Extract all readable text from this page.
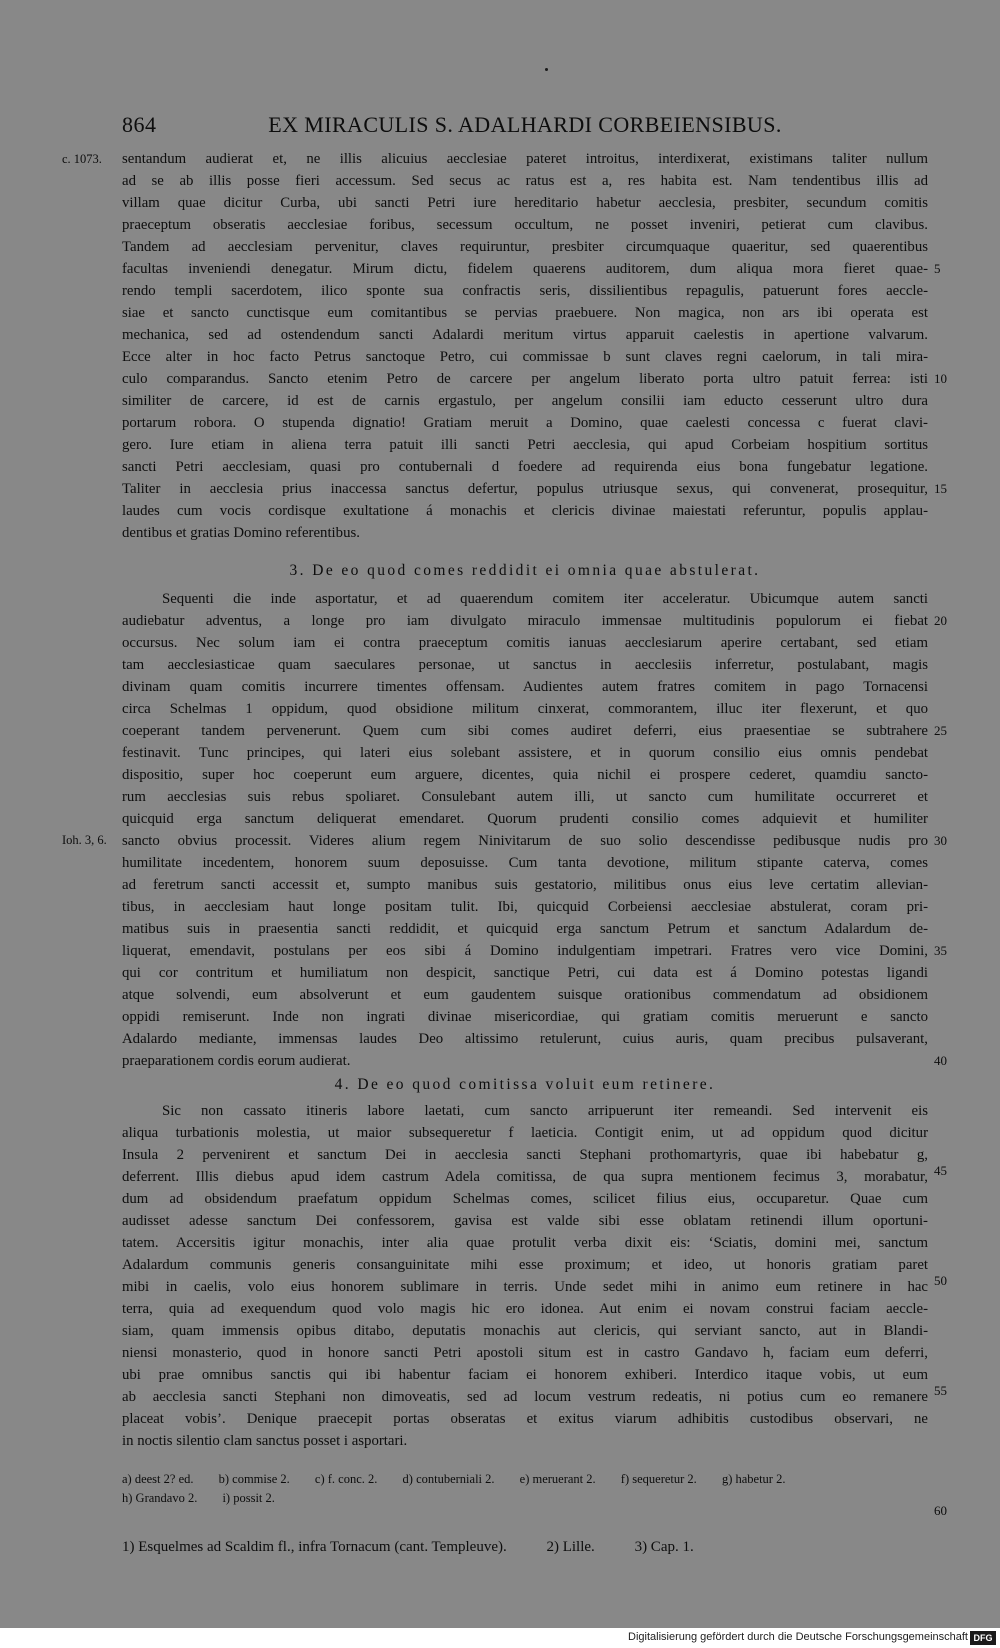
864	EX MIRACULIS S. ADALHARDI CORBEIENSIBUS.
c. 1073.
Ioh. 3, 6.
5
10
15
20
25
30
35
40
45
50
55
60
sentandum audierat et, ne illis alicuius aecclesiae pateret introitus, interdixerat, existimans taliter nullum
ad se ab illis posse fieri accessum. Sed secus ac ratus est a, res habita est. Nam tendentibus illis ad
villam quae dicitur Curba, ubi sancti Petri iure hereditario habetur aecclesia, presbiter, secundum comitis
praeceptum obseratis aecclesiae foribus, secessum occultum, ne posset inveniri, petierat cum clavibus.
Tandem ad aecclesiam pervenitur, claves requiruntur, presbiter circumquaque quaeritur, sed quaerentibus
facultas inveniendi denegatur. Mirum dictu, fidelem quaerens auditorem, dum aliqua mora fieret quae-
rendo templi sacerdotem, ilico sponte sua confractis seris, dissilientibus repagulis, patuerunt fores aeccle-
siae et sancto cunctisque eum comitantibus se pervias praebuere. Non magica, non ars ibi operata est
mechanica, sed ad ostendendum sancti Adalardi meritum virtus apparuit caelestis in apertione valvarum.
Ecce alter in hoc facto Petrus sanctoque Petro, cui commissae b sunt claves regni caelorum, in tali mira-
culo comparandus. Sancto etenim Petro de carcere per angelum liberato porta ultro patuit ferrea: isti
similiter de carcere, id est de carnis ergastulo, per angelum consilii iam educto cesserunt ultro dura
portarum robora. O stupenda dignatio! Gratiam meruit a Domino, quae caelesti concessa c fuerat clavi-
gero. Iure etiam in aliena terra patuit illi sancti Petri aecclesia, qui apud Corbeiam hospitium sortitus
sancti Petri aecclesiam, quasi pro contubernali d foedere ad requirenda eius bona fungebatur legatione.
Taliter in aecclesia prius inaccessa sanctus defertur, populus utriusque sexus, qui convenerat, prosequitur,
laudes cum vocis cordisque exultatione á monachis et clericis divinae maiestati referuntur, populis applau-
dentibus et gratias Domino referentibus.
3. De eo quod comes reddidit ei omnia quae abstulerat.
Sequenti die inde asportatur, et ad quaerendum comitem iter acceleratur. Ubicumque autem sancti
audiebatur adventus, a longe pro iam divulgato miraculo immensae multitudinis populorum ei fiebat
occursus. Nec solum iam ei contra praeceptum comitis ianuas aecclesiarum aperire certabant, sed etiam
tam aecclesiasticae quam saeculares personae, ut sanctus in aecclesiis inferretur, postulabant, magis
divinam quam comitis incurrere timentes offensam. Audientes autem fratres comitem in pago Tornacensi
circa Schelmas 1 oppidum, quod obsidione militum cinxerat, commorantem, illuc iter flexerunt, et quo
coeperant tandem pervenerunt. Quem cum sibi comes audiret deferri, eius praesentiae se subtrahere
festinavit. Tunc principes, qui lateri eius solebant assistere, et in quorum consilio eius omnis pendebat
dispositio, super hoc coeperunt eum arguere, dicentes, quia nichil ei prospere cederet, quamdiu sancto-
rum aecclesias suis rebus spoliaret. Consulebant autem illi, ut sancto cum humilitate occurreret et
quicquid erga sanctum deliquerat emendaret. Quorum prudenti consilio comes adquievit et humiliter
sancto obvius processit. Videres alium regem Ninivitarum de suo solio descendisse pedibusque nudis pro
humilitate incedentem, honorem suum deposuisse. Cum tanta devotione, militum stipante caterva, comes
ad feretrum sancti accessit et, sumpto manibus suis gestatorio, militibus onus eius leve certatim allevian-
tibus, in aecclesiam haut longe positam tulit. Ibi, quicquid Corbeiensi aecclesiae abstulerat, coram pri-
matibus suis in praesentia sancti reddidit, et quicquid erga sanctum Petrum et sanctum Adalardum de-
liquerat, emendavit, postulans per eos sibi á Domino indulgentiam impetrari. Fratres vero vice Domini,
qui cor contritum et humiliatum non despicit, sanctique Petri, cui data est á Domino potestas ligandi
atque solvendi, eum absolverunt et eum gaudentem suisque orationibus commendatum ad obsidionem
oppidi remiserunt. Inde non ingrati divinae misericordiae, qui gratiam comitis meruerunt e sancto
Adalardo mediante, immensas laudes Deo altissimo retulerunt, cuius auris, quam precibus pulsaverant,
praeparationem cordis eorum audierat.
4. De eo quod comitissa voluit eum retinere.
Sic non cassato itineris labore laetati, cum sancto arripuerunt iter remeandi. Sed intervenit eis
aliqua turbationis molestia, ut maior subsequeretur f laeticia. Contigit enim, ut ad oppidum quod dicitur
Insula 2 pervenirent et sanctum Dei in aecclesia sancti Stephani prothomartyris, quae ibi habebatur g,
deferrent. Illis diebus apud idem castrum Adela comitissa, de qua supra mentionem fecimus 3, morabatur,
dum ad obsidendum praefatum oppidum Schelmas comes, scilicet filius eius, occuparetur. Quae cum
audisset adesse sanctum Dei confessorem, gavisa est valde sibi esse oblatam retinendi illum oportuni-
tatem. Accersitis igitur monachis, inter alia quae protulit verba dixit eis: ‘Sciatis, domini mei, sanctum
Adalardum communis generis consanguinitate mihi esse proximum; et ideo, ut honoris gratiam paret
mibi in caelis, volo eius honorem sublimare in terris. Unde sedet mihi in animo eum retinere in hac
terra, quia ad exequendum quod volo magis hic ero idonea. Aut enim ei novam construi faciam aeccle-
siam, quam immensis opibus ditabo, deputatis monachis aut clericis, qui serviant sancto, aut in Blandi-
niensi monasterio, quod in honore sancti Petri apostoli situm est in castro Gandavo h, faciam eum deferri,
ubi prae omnibus sanctis qui ibi habentur faciam ei honorem exhiberi. Interdico itaque vobis, ut eum
ab aecclesia sancti Stephani non dimoveatis, sed ad locum vestrum redeatis, ni potius cum eo remanere
placeat vobis’. Denique praecepit portas obseratas et exitus viarum adhibitis custodibus observari, ne
in noctis silentio clam sanctus posset i asportari.
a) deest 2? ed. b) commise 2. c) f. conc. 2. d) contuberniali 2. e) meruerant 2. f) sequeretur 2. g) habetur 2.
h) Grandavo 2. i) possit 2.
1) Esquelmes ad Scaldim fl., infra Tornacum (cant. Templeuve).	2) Lille.	3) Cap. 1.
Digitalisierung gefördert durch die Deutsche Forschungsgemeinschaft DFG
